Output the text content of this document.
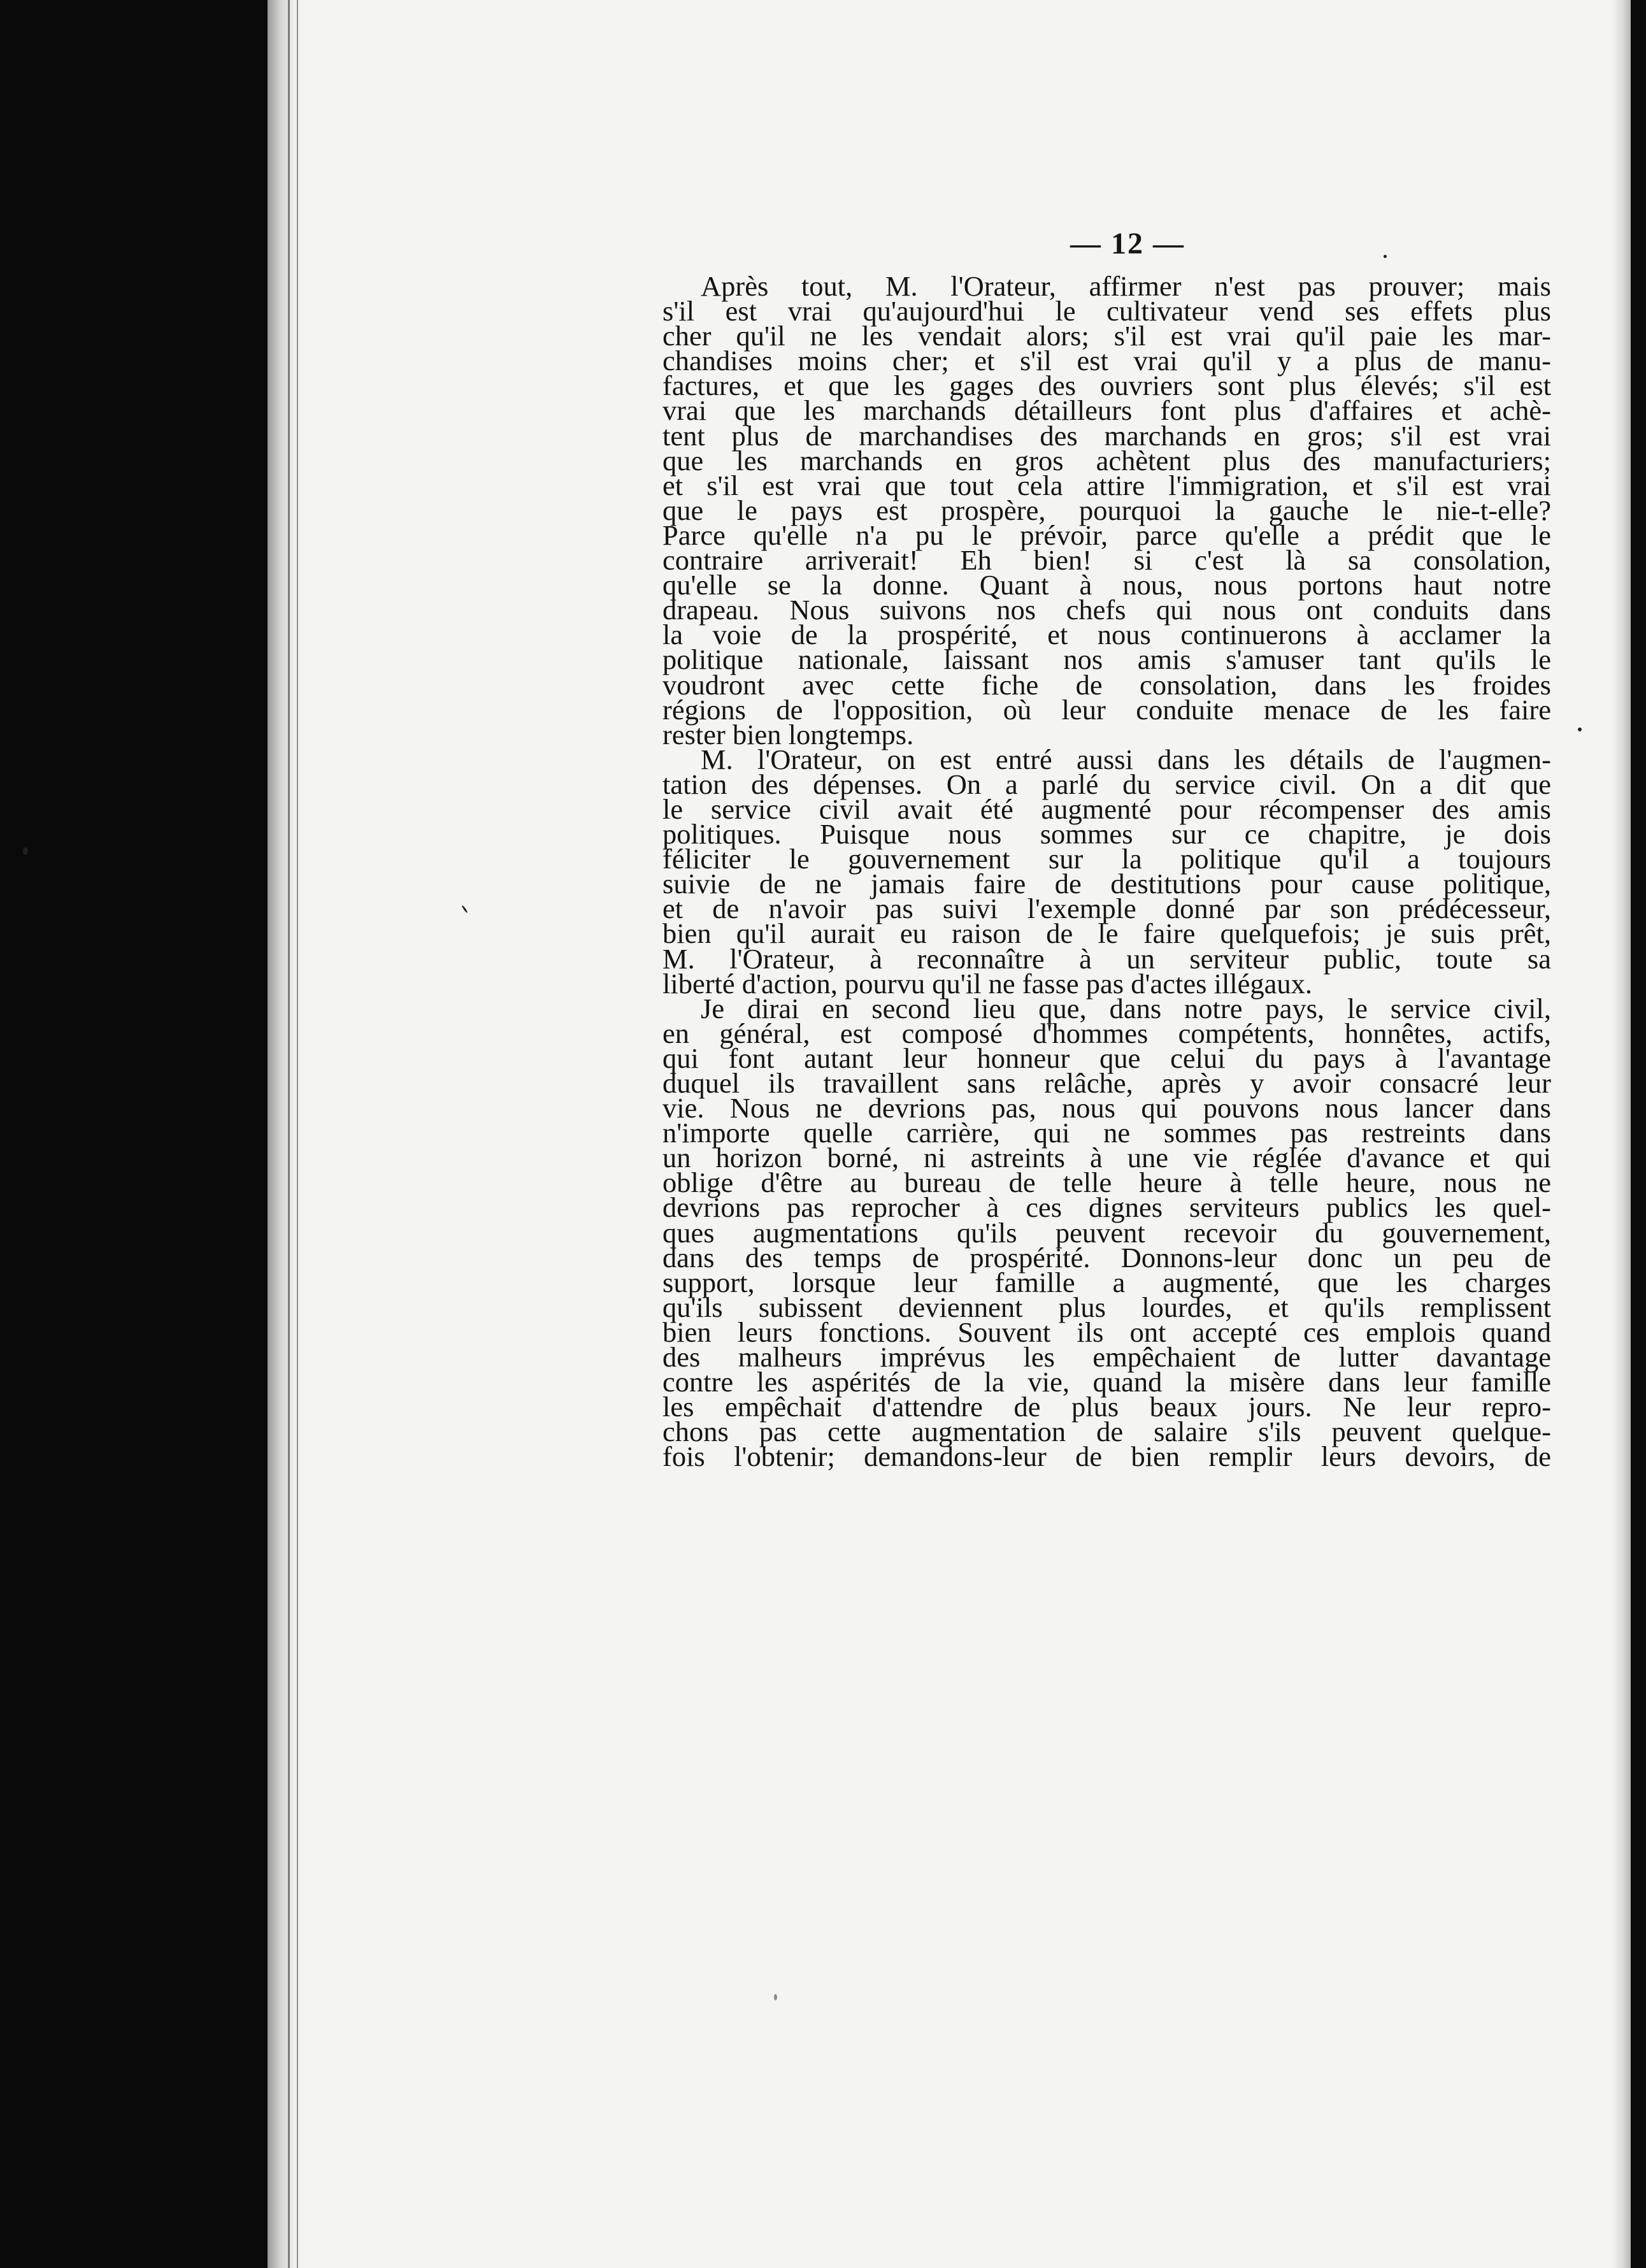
— 12 —
Après tout, M. l'Orateur, affirmer n'est pas prouver; mais
s'il est vrai qu'aujourd'hui le cultivateur vend ses effets plus
cher qu'il ne les vendait alors; s'il est vrai qu'il paie les mar-
chandises moins cher; et s'il est vrai qu'il y a plus de manu-
factures, et que les gages des ouvriers sont plus élevés; s'il est
vrai que les marchands détailleurs font plus d'affaires et achè-
tent plus de marchandises des marchands en gros; s'il est vrai
que les marchands en gros achètent plus des manufacturiers;
et s'il est vrai que tout cela attire l'immigration, et s'il est vrai
que le pays est prospère, pourquoi la gauche le nie-t-elle?
Parce qu'elle n'a pu le prévoir, parce qu'elle a prédit que le
contraire arriverait! Eh bien! si c'est là sa consolation,
qu'elle se la donne. Quant à nous, nous portons haut notre
drapeau. Nous suivons nos chefs qui nous ont conduits dans
la voie de la prospérité, et nous continuerons à acclamer la
politique nationale, laissant nos amis s'amuser tant qu'ils le
voudront avec cette fiche de consolation, dans les froides
régions de l'opposition, où leur conduite menace de les faire
rester bien longtemps.
M. l'Orateur, on est entré aussi dans les détails de l'augmen-
tation des dépenses. On a parlé du service civil. On a dit que
le service civil avait été augmenté pour récompenser des amis
politiques. Puisque nous sommes sur ce chapitre, je dois
féliciter le gouvernement sur la politique qu'il a toujours
suivie de ne jamais faire de destitutions pour cause politique,
et de n'avoir pas suivi l'exemple donné par son prédécesseur,
bien qu'il aurait eu raison de le faire quelquefois; je suis prêt,
M. l'Orateur, à reconnaître à un serviteur public, toute sa
liberté d'action, pourvu qu'il ne fasse pas d'actes illégaux.
Je dirai en second lieu que, dans notre pays, le service civil,
en général, est composé d'hommes compétents, honnêtes, actifs,
qui font autant leur honneur que celui du pays à l'avantage
duquel ils travaillent sans relâche, après y avoir consacré leur
vie. Nous ne devrions pas, nous qui pouvons nous lancer dans
n'importe quelle carrière, qui ne sommes pas restreints dans
un horizon borné, ni astreints à une vie réglée d'avance et qui
oblige d'être au bureau de telle heure à telle heure, nous ne
devrions pas reprocher à ces dignes serviteurs publics les quel-
ques augmentations qu'ils peuvent recevoir du gouvernement,
dans des temps de prospérité. Donnons-leur donc un peu de
support, lorsque leur famille a augmenté, que les charges
qu'ils subissent deviennent plus lourdes, et qu'ils remplissent
bien leurs fonctions. Souvent ils ont accepté ces emplois quand
des malheurs imprévus les empêchaient de lutter davantage
contre les aspérités de la vie, quand la misère dans leur famille
les empêchait d'attendre de plus beaux jours. Ne leur repro-
chons pas cette augmentation de salaire s'ils peuvent quelque-
fois l'obtenir; demandons-leur de bien remplir leurs devoirs, de
